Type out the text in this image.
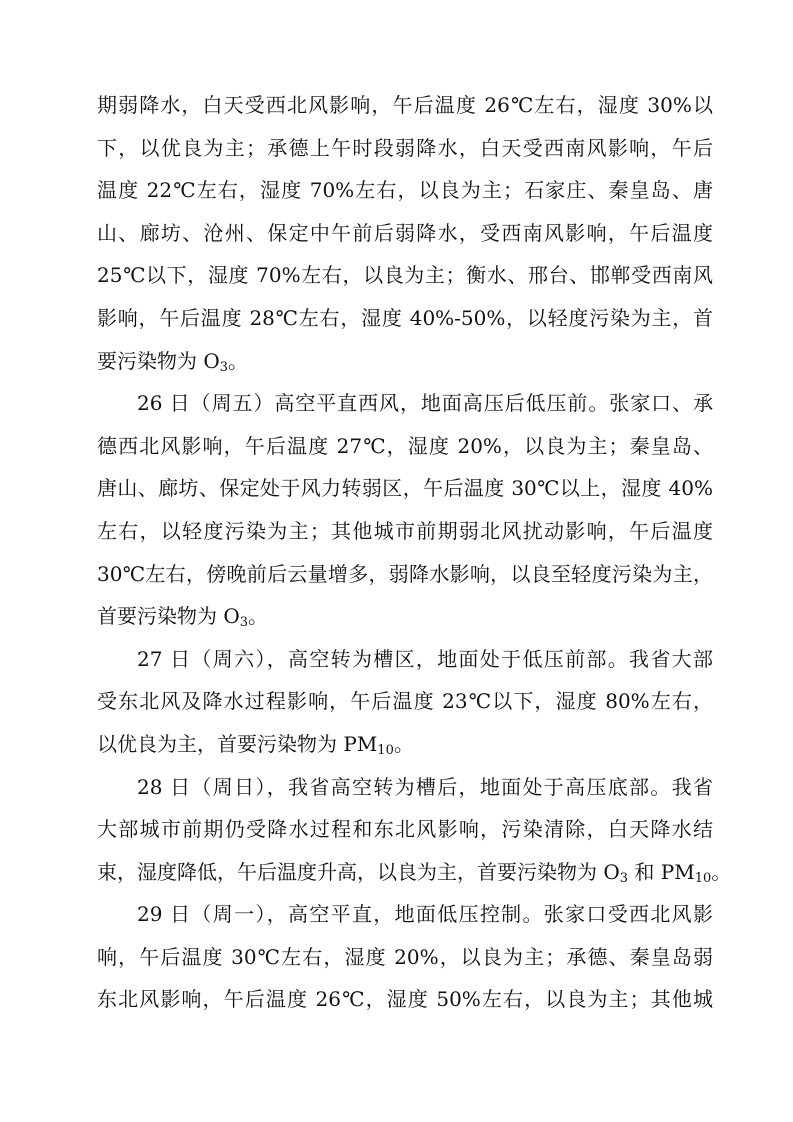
期弱降水，白天受西北风影响，午后温度 26℃左右，湿度 30%以
下，以优良为主；承德上午时段弱降水，白天受西南风影响，午后
温度 22℃左右，湿度 70%左右，以良为主；石家庄、秦皇岛、唐
山、廊坊、沧州、保定中午前后弱降水，受西南风影响，午后温度
25℃以下，湿度 70%左右，以良为主；衡水、邢台、邯郸受西南风
影响，午后温度 28℃左右，湿度 40%-50%，以轻度污染为主，首
要污染物为 $O_3$。
26 日（周五）高空平直西风，地面高压后低压前。张家口、承
德西北风影响，午后温度 27℃，湿度 20%，以良为主；秦皇岛、
唐山、廊坊、保定处于风力转弱区，午后温度 30℃以上，湿度 40%
左右，以轻度污染为主；其他城市前期弱北风扰动影响，午后温度
30℃左右，傍晚前后云量增多，弱降水影响，以良至轻度污染为主，
首要污染物为 $O_3$。
27 日（周六），高空转为槽区，地面处于低压前部。我省大部
受东北风及降水过程影响，午后温度 23℃以下，湿度 80%左右，
以优良为主，首要污染物为 $PM_{10}$。
28 日（周日），我省高空转为槽后，地面处于高压底部。我省
大部城市前期仍受降水过程和东北风影响，污染清除，白天降水结
束，湿度降低，午后温度升高，以良为主，首要污染物为 $O_3$ 和 $PM_{10}$。
29 日（周一），高空平直，地面低压控制。张家口受西北风影
响，午后温度 30℃左右，湿度 20%，以良为主；承德、秦皇岛弱
东北风影响，午后温度 26℃，湿度 50%左右，以良为主；其他城
